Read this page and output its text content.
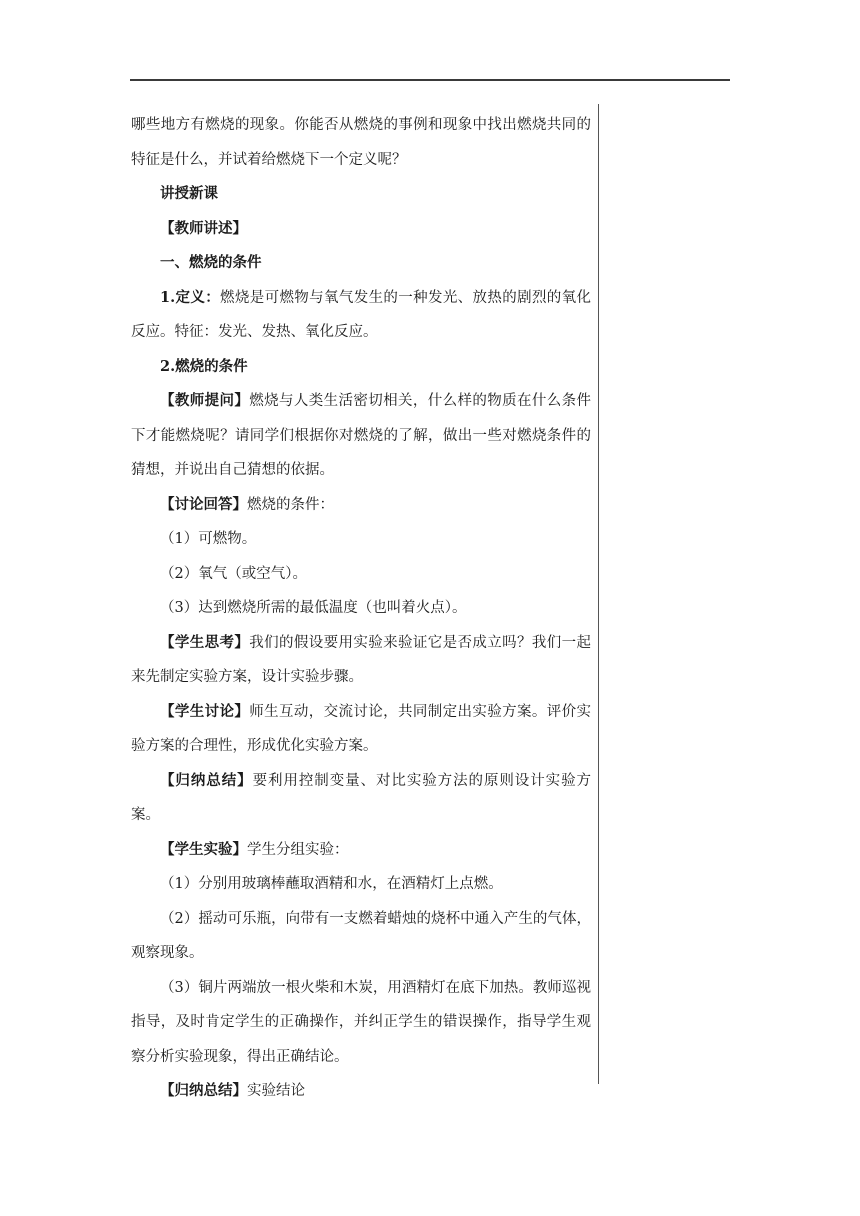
哪些地方有燃烧的现象。你能否从燃烧的事例和现象中找出燃烧共同的特征是什么，并试着给燃烧下一个定义呢？

讲授新课

【教师讲述】

一、燃烧的条件

1.定义：燃烧是可燃物与氧气发生的一种发光、放热的剧烈的氧化反应。特征：发光、发热、氧化反应。

2.燃烧的条件

【教师提问】燃烧与人类生活密切相关，什么样的物质在什么条件下才能燃烧呢？请同学们根据你对燃烧的了解，做出一些对燃烧条件的猜想，并说出自己猜想的依据。

【讨论回答】燃烧的条件：

（1）可燃物。

（2）氧气（或空气）。

（3）达到燃烧所需的最低温度（也叫着火点）。

【学生思考】我们的假设要用实验来验证它是否成立吗？我们一起来先制定实验方案，设计实验步骤。

【学生讨论】师生互动，交流讨论，共同制定出实验方案。评价实验方案的合理性，形成优化实验方案。

【归纳总结】要利用控制变量、对比实验方法的原则设计实验方案。

【学生实验】学生分组实验：

（1）分别用玻璃棒蘸取酒精和水，在酒精灯上点燃。

（2）摇动可乐瓶，向带有一支燃着蜡烛的烧杯中通入产生的气体，观察现象。

（3）铜片两端放一根火柴和木炭，用酒精灯在底下加热。教师巡视指导，及时肯定学生的正确操作，并纠正学生的错误操作，指导学生观察分析实验现象，得出正确结论。

【归纳总结】实验结论
